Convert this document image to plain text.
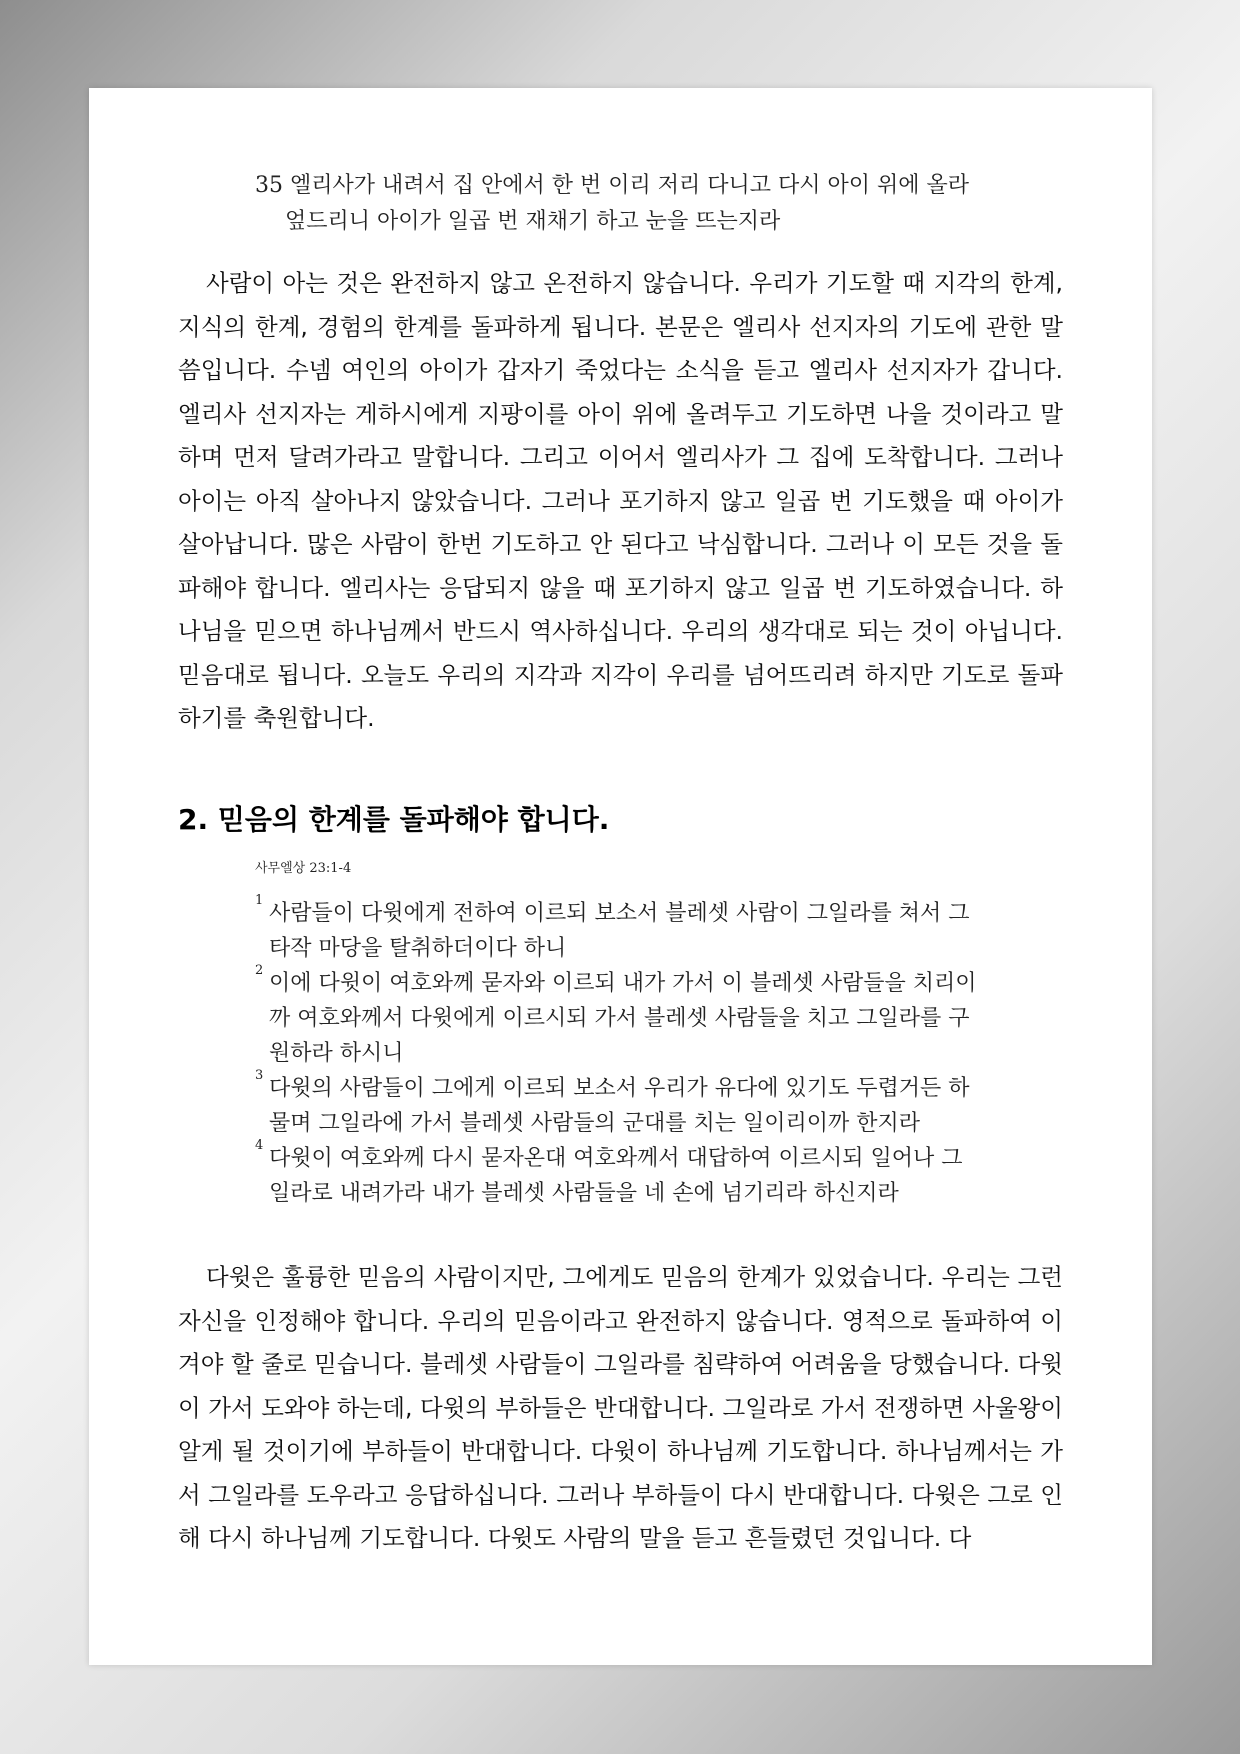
35 엘리사가 내려서 집 안에서 한 번 이리 저리 다니고 다시 아이 위에 올라
엎드리니 아이가 일곱 번 재채기 하고 눈을 뜨는지라

사람이 아는 것은 완전하지 않고 온전하지 않습니다. 우리가 기도할 때 지각의 한계, 지식의 한계, 경험의 한계를 돌파하게 됩니다. 본문은 엘리사 선지자의 기도에 관한 말씀입니다. 수넴 여인의 아이가 갑자기 죽었다는 소식을 듣고 엘리사 선지자가 갑니다. 엘리사 선지자는 게하시에게 지팡이를 아이 위에 올려두고 기도하면 나을 것이라고 말하며 먼저 달려가라고 말합니다. 그리고 이어서 엘리사가 그 집에 도착합니다. 그러나 아이는 아직 살아나지 않았습니다. 그러나 포기하지 않고 일곱 번 기도했을 때 아이가 살아납니다. 많은 사람이 한번 기도하고 안 된다고 낙심합니다. 그러나 이 모든 것을 돌파해야 합니다. 엘리사는 응답되지 않을 때 포기하지 않고 일곱 번 기도하였습니다. 하나님을 믿으면 하나님께서 반드시 역사하십니다. 우리의 생각대로 되는 것이 아닙니다. 믿음대로 됩니다. 오늘도 우리의 지각과 지각이 우리를 넘어뜨리려 하지만 기도로 돌파하기를 축원합니다.

2. 믿음의 한계를 돌파해야 합니다.
사무엘상 23:1-4
1
사람들이 다윗에게 전하여 이르되 보소서 블레셋 사람이 그일라를 쳐서 그
타작 마당을 탈취하더이다 하니
2
이에 다윗이 여호와께 묻자와 이르되 내가 가서 이 블레셋 사람들을 치리이
까 여호와께서 다윗에게 이르시되 가서 블레셋 사람들을 치고 그일라를 구
원하라 하시니
3
다윗의 사람들이 그에게 이르되 보소서 우리가 유다에 있기도 두렵거든 하
물며 그일라에 가서 블레셋 사람들의 군대를 치는 일이리이까 한지라
4
다윗이 여호와께 다시 묻자온대 여호와께서 대답하여 이르시되 일어나 그
일라로 내려가라 내가 블레셋 사람들을 네 손에 넘기리라 하신지라

다윗은 훌륭한 믿음의 사람이지만, 그에게도 믿음의 한계가 있었습니다. 우리는 그런 자신을 인정해야 합니다. 우리의 믿음이라고 완전하지 않습니다. 영적으로 돌파하여 이겨야 할 줄로 믿습니다. 블레셋 사람들이 그일라를 침략하여 어려움을 당했습니다. 다윗이 가서 도와야 하는데, 다윗의 부하들은 반대합니다. 그일라로 가서 전쟁하면 사울왕이 알게 될 것이기에 부하들이 반대합니다. 다윗이 하나님께 기도합니다. 하나님께서는 가서 그일라를 도우라고 응답하십니다. 그러나 부하들이 다시 반대합니다. 다윗은 그로 인해 다시 하나님께 기도합니다. 다윗도 사람의 말을 듣고 흔들렸던 것입니다. 다
